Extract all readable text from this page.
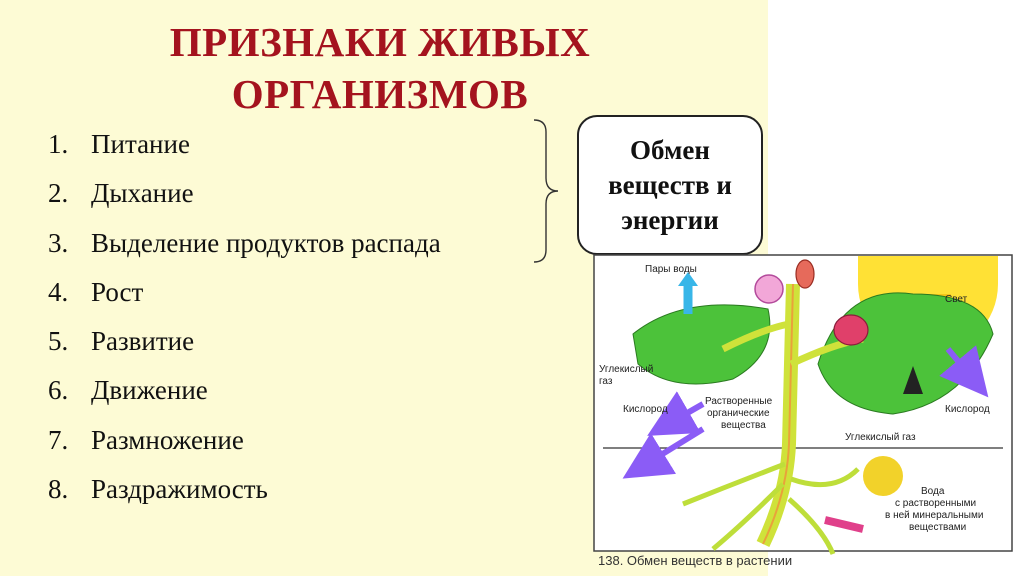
ПРИЗНАКИ ЖИВЫХ
ОРГАНИЗМОВ
1. Питание
2. Дыхание
3. Выделение продуктов распада
4. Рост
5. Развитие
6. Движение
7. Размножение
8. Раздражимость
Обмен
веществ и
энергии
Пары воды
Свет
Углекислый
газ
Кислород
Растворенные
органические
вещества
Углекислый газ
Кислород
Вода
с растворенными
в ней минеральными
веществами
138. Обмен веществ в растении
